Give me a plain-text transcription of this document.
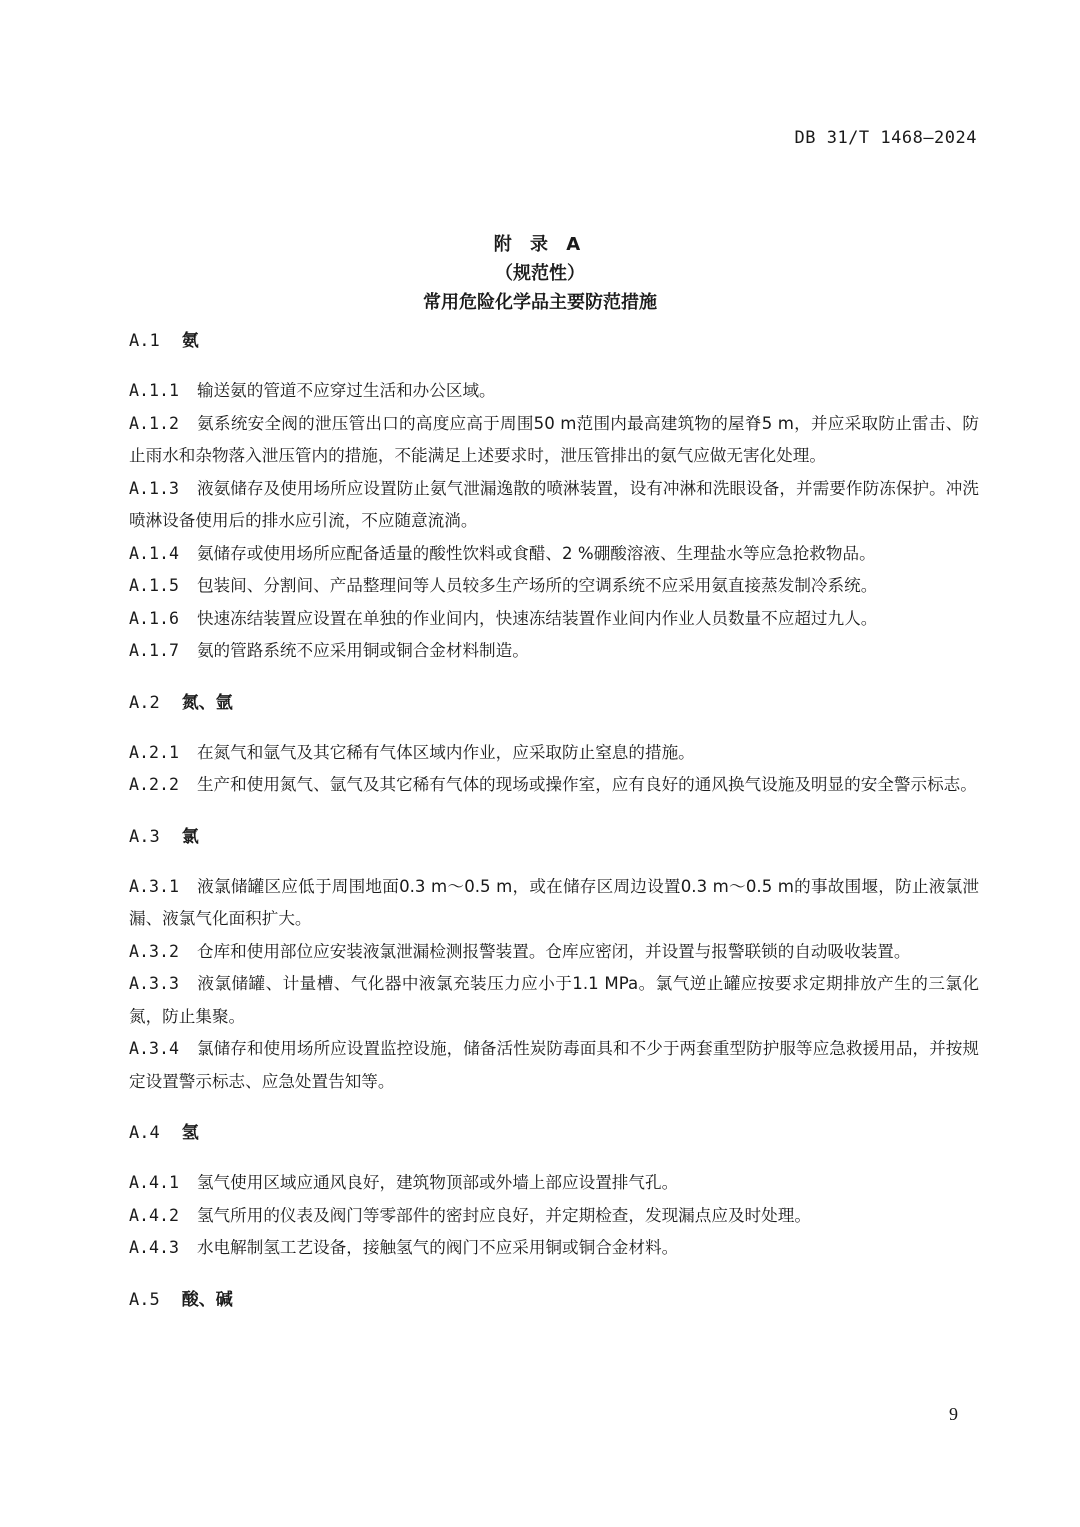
DB 31/T 1468—2024
附 录 A
（规范性）
常用危险化学品主要防范措施
A.1 氨

A.1.1 输送氨的管道不应穿过生活和办公区域。

A.1.2 氨系统安全阀的泄压管出口的高度应高于周围50 m范围内最高建筑物的屋脊5 m，并应采取防止雷击、防止雨水和杂物落入泄压管内的措施，不能满足上述要求时，泄压管排出的氨气应做无害化处理。

A.1.3 液氨储存及使用场所应设置防止氨气泄漏逸散的喷淋装置，设有冲淋和洗眼设备，并需要作防冻保护。冲洗喷淋设备使用后的排水应引流，不应随意流淌。

A.1.4 氨储存或使用场所应配备适量的酸性饮料或食醋、2 %硼酸溶液、生理盐水等应急抢救物品。

A.1.5 包装间、分割间、产品整理间等人员较多生产场所的空调系统不应采用氨直接蒸发制冷系统。

A.1.6 快速冻结装置应设置在单独的作业间内，快速冻结装置作业间内作业人员数量不应超过九人。

A.1.7 氨的管路系统不应采用铜或铜合金材料制造。

A.2 氮、氩

A.2.1 在氮气和氩气及其它稀有气体区域内作业，应采取防止窒息的措施。

A.2.2 生产和使用氮气、氩气及其它稀有气体的现场或操作室，应有良好的通风换气设施及明显的安全警示标志。

A.3 氯

A.3.1 液氯储罐区应低于周围地面0.3 m～0.5 m，或在储存区周边设置0.3 m～0.5 m的事故围堰，防止液氯泄漏、液氯气化面积扩大。

A.3.2 仓库和使用部位应安装液氯泄漏检测报警装置。仓库应密闭，并设置与报警联锁的自动吸收装置。

A.3.3 液氯储罐、计量槽、气化器中液氯充装压力应小于1.1 MPa。氯气逆止罐应按要求定期排放产生的三氯化氮，防止集聚。

A.3.4 氯储存和使用场所应设置监控设施，储备活性炭防毒面具和不少于两套重型防护服等应急救援用品，并按规定设置警示标志、应急处置告知等。

A.4 氢

A.4.1 氢气使用区域应通风良好，建筑物顶部或外墙上部应设置排气孔。

A.4.2 氢气所用的仪表及阀门等零部件的密封应良好，并定期检查，发现漏点应及时处理。

A.4.3 水电解制氢工艺设备，接触氢气的阀门不应采用铜或铜合金材料。

A.5 酸、碱
9
